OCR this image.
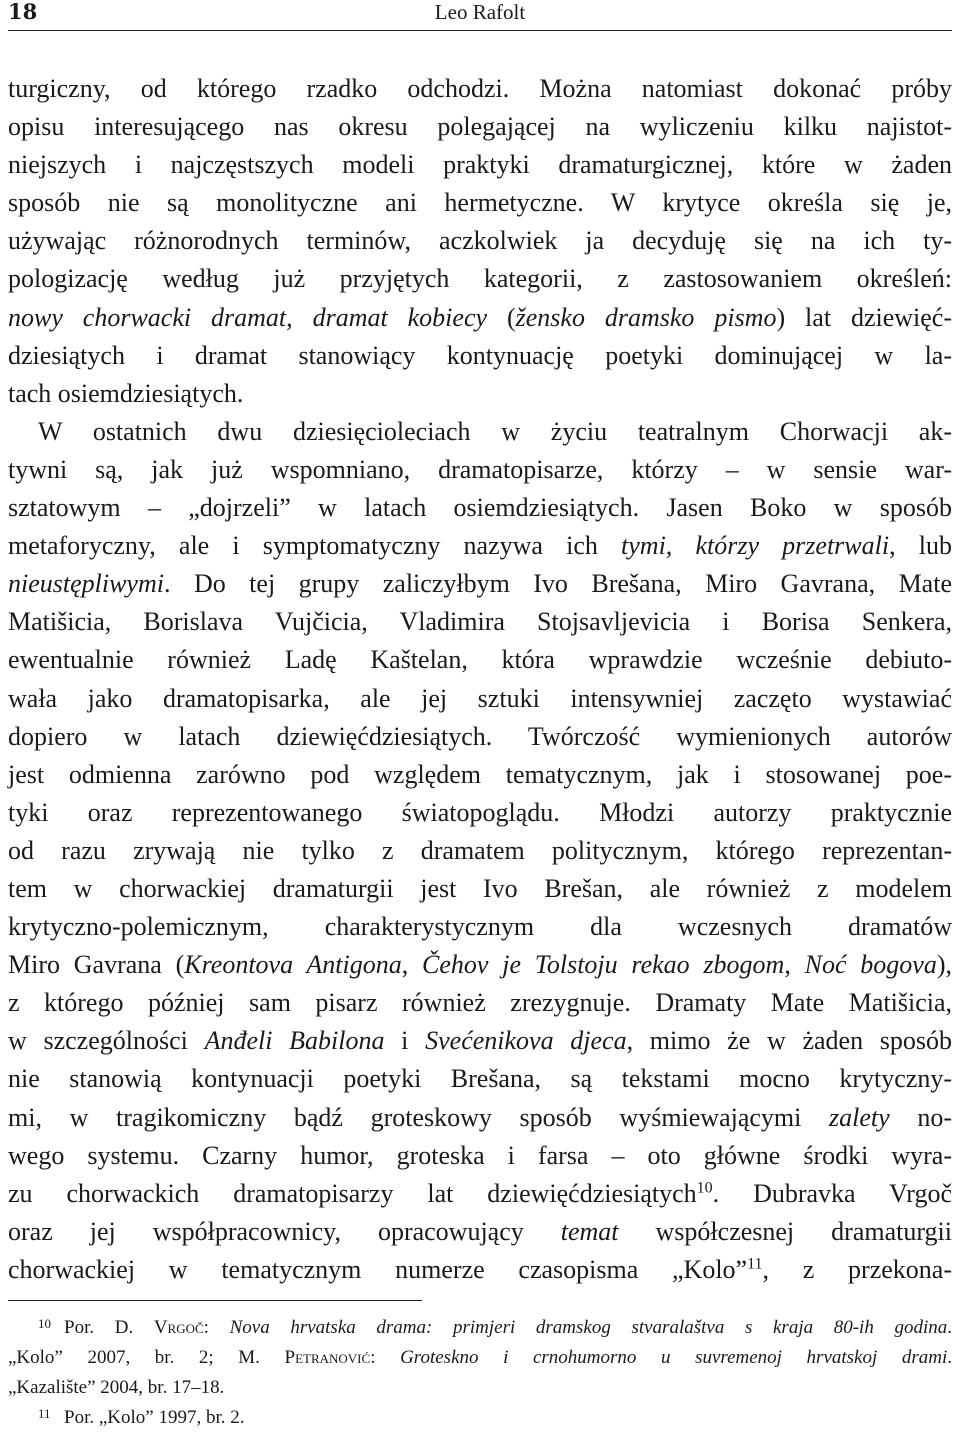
18	Leo Rafolt
turgiczny, od którego rzadko odchodzi. Można natomiast dokonać próby
opisu interesującego nas okresu polegającej na wyliczeniu kilku najistot-
niejszych i najczęstszych modeli praktyki dramaturgicznej, które w żaden
sposób nie są monolityczne ani hermetyczne. W krytyce określa się je,
używając różnorodnych terminów, aczkolwiek ja decyduję się na ich ty-
pologizację według już przyjętych kategorii, z zastosowaniem określeń:
nowy chorwacki dramat, dramat kobiecy (žensko dramsko pismo) lat dziewięć-
dziesiątych i dramat stanowiący kontynuację poetyki dominującej w la-
tach osiemdziesiątych.
W ostatnich dwu dziesięcioleciach w życiu teatralnym Chorwacji ak-
tywni są, jak już wspomniano, dramatopisarze, którzy – w sensie war-
sztatowym – „dojrzeli” w latach osiemdziesiątych. Jasen Boko w sposób
metaforyczny, ale i symptomatyczny nazywa ich tymi, którzy przetrwali, lub
nieustępliwymi. Do tej grupy zaliczyłbym Ivo Brešana, Miro Gavrana, Mate
Matišicia, Borislava Vujčicia, Vladimira Stojsavljevicia i Borisa Senkera,
ewentualnie również Ladę Kaštelan, która wprawdzie wcześnie debiuto-
wała jako dramatopisarka, ale jej sztuki intensywniej zaczęto wystawiać
dopiero w latach dziewięćdziesiątych. Twórczość wymienionych autorów
jest odmienna zarówno pod względem tematycznym, jak i stosowanej poe-
tyki oraz reprezentowanego światopoglądu. Młodzi autorzy praktycznie
od razu zrywają nie tylko z dramatem politycznym, którego reprezentan-
tem w chorwackiej dramaturgii jest Ivo Brešan, ale również z modelem
krytyczno-polemicznym, charakterystycznym dla wczesnych dramatów
Miro Gavrana (Kreontova Antigona, Čehov je Tolstoju rekao zbogom, Noć bogova),
z którego później sam pisarz również zrezygnuje. Dramaty Mate Matišicia,
w szczególności Anđeli Babilona i Svećenikova djeca, mimo że w żaden sposób
nie stanowią kontynuacji poetyki Brešana, są tekstami mocno krytyczny-
mi, w tragikomiczny bądź groteskowy sposób wyśmiewającymi zalety no-
wego systemu. Czarny humor, groteska i farsa – oto główne środki wyra-
zu chorwackich dramatopisarzy lat dziewięćdziesiątych$^{10}$. Dubravka Vrgoč
oraz jej współpracownicy, opracowujący temat współczesnej dramaturgii
chorwackiej w tematycznym numerze czasopisma „Kolo”$^{11}$, z przekona-
10 Por. D. Vrgoč: Nova hrvatska drama: primjeri dramskog stvaralaštva s kraja 80-ih godina.
„Kolo” 2007, br. 2; M. Petranović: Groteskno i crnohumorno u suvremenoj hrvatskoj drami.
„Kazalište” 2004, br. 17–18.
11 Por. „Kolo” 1997, br. 2.
